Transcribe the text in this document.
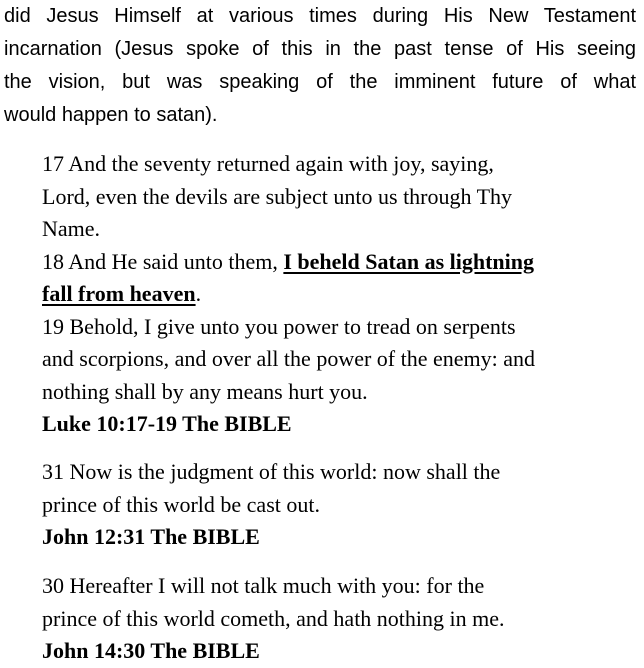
did Jesus Himself at various times during His New Testament
incarnation (Jesus spoke of this in the past tense of His seeing
the vision, but was speaking of the imminent future of what
would happen to satan).
17 And the seventy returned again with joy, saying,
Lord, even the devils are subject unto us through Thy
Name.
18 And He said unto them, I beheld Satan as lightning
fall from heaven.
19 Behold, I give unto you power to tread on serpents
and scorpions, and over all the power of the enemy: and
nothing shall by any means hurt you.
Luke 10:17-19 The BIBLE
31 Now is the judgment of this world: now shall the
prince of this world be cast out.
John 12:31 The BIBLE
30 Hereafter I will not talk much with you: for the
prince of this world cometh, and hath nothing in me.
John 14:30 The BIBLE
